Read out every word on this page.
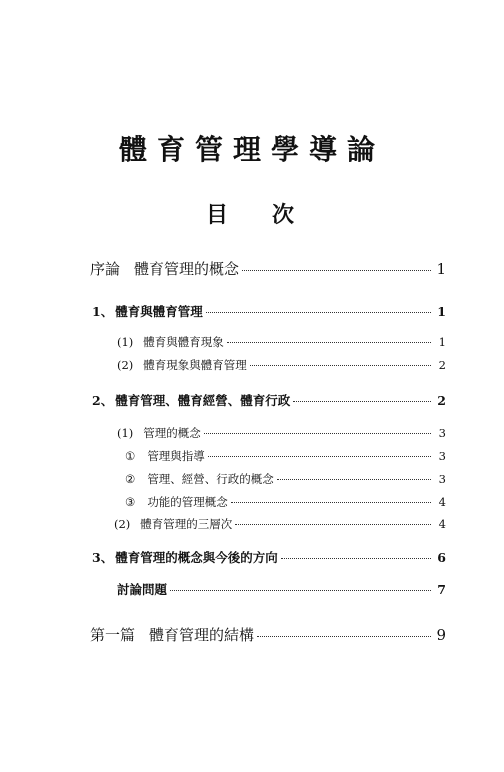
體育管理學導論
目次
序論 體育管理的概念	1
1、 體育與體育管理	1
(1) 體育與體育現象	1
(2) 體育現象與體育管理	2
2、 體育管理、體育經營、體育行政	2
(1) 管理的概念	3
① 管理與指導	3
② 管理、經營、行政的概念	3
③ 功能的管理概念	4
(2) 體育管理的三層次	4
3、 體育管理的概念與今後的方向	6
討論問題	7
第一篇 體育管理的結構	9
